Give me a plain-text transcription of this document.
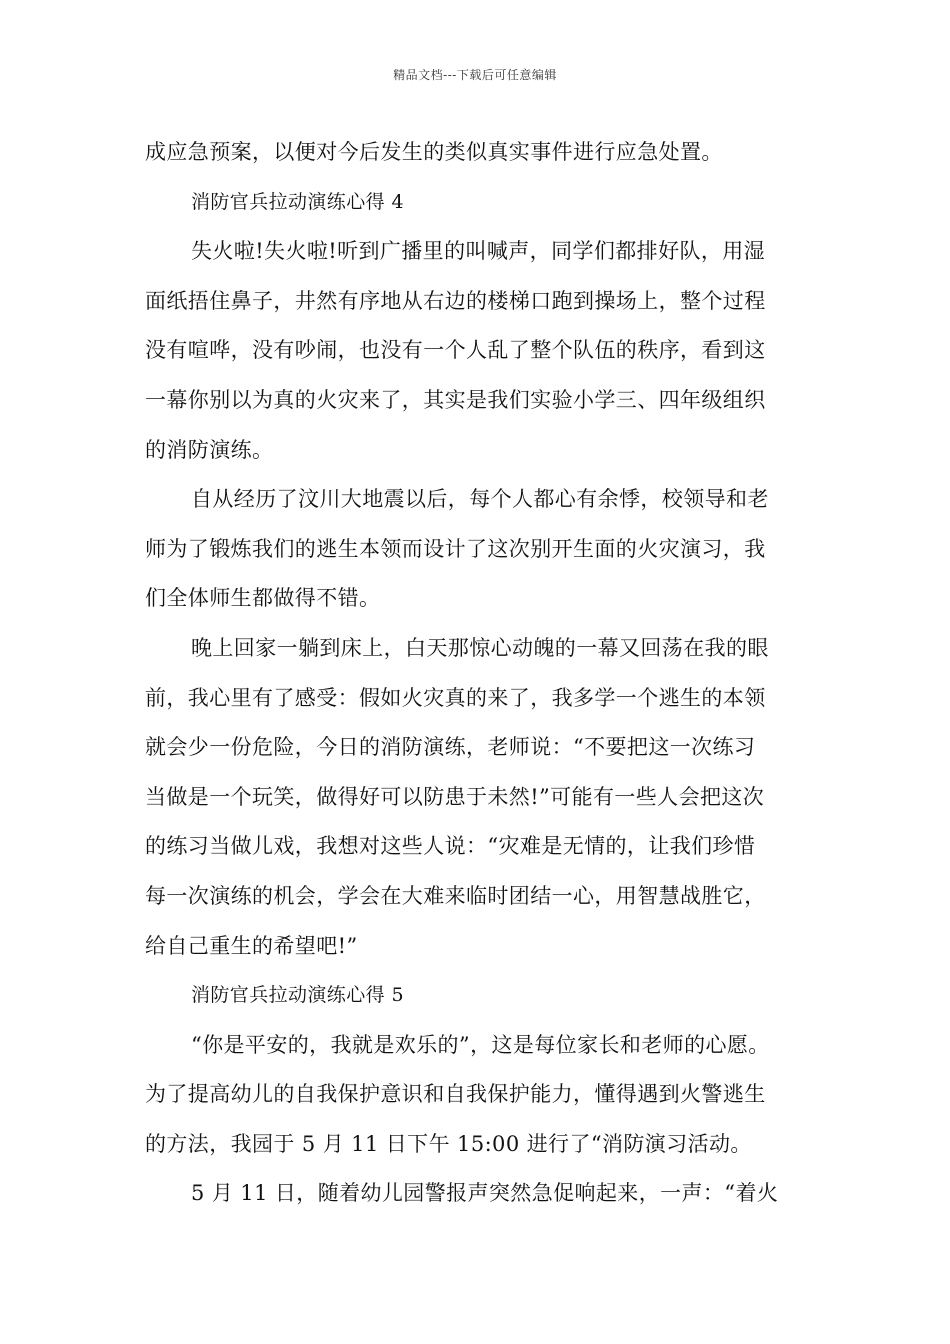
精品文档---下载后可任意编辑
成应急预案，以便对今后发生的类似真实事件进行应急处置。
消防官兵拉动演练心得 4
失火啦!失火啦!听到广播里的叫喊声，同学们都排好队，用湿
面纸捂住鼻子，井然有序地从右边的楼梯口跑到操场上，整个过程
没有喧哗，没有吵闹，也没有一个人乱了整个队伍的秩序，看到这
一幕你别以为真的火灾来了，其实是我们实验小学三、四年级组织
的消防演练。
自从经历了汶川大地震以后，每个人都心有余悸，校领导和老
师为了锻炼我们的逃生本领而设计了这次别开生面的火灾演习，我
们全体师生都做得不错。
晚上回家一躺到床上，白天那惊心动魄的一幕又回荡在我的眼
前，我心里有了感受：假如火灾真的来了，我多学一个逃生的本领
就会少一份危险，今日的消防演练，老师说：“不要把这一次练习
当做是一个玩笑，做得好可以防患于未然!”可能有一些人会把这次
的练习当做儿戏，我想对这些人说：“灾难是无情的，让我们珍惜
每一次演练的机会，学会在大难来临时团结一心，用智慧战胜它，
给自己重生的希望吧!”
消防官兵拉动演练心得 5
“你是平安的，我就是欢乐的”，这是每位家长和老师的心愿。
为了提高幼儿的自我保护意识和自我保护能力，懂得遇到火警逃生
的方法，我园于 5 月 11 日下午 15:00 进行了“消防演习活动。
5 月 11 日，随着幼儿园警报声突然急促响起来，一声：“着火
